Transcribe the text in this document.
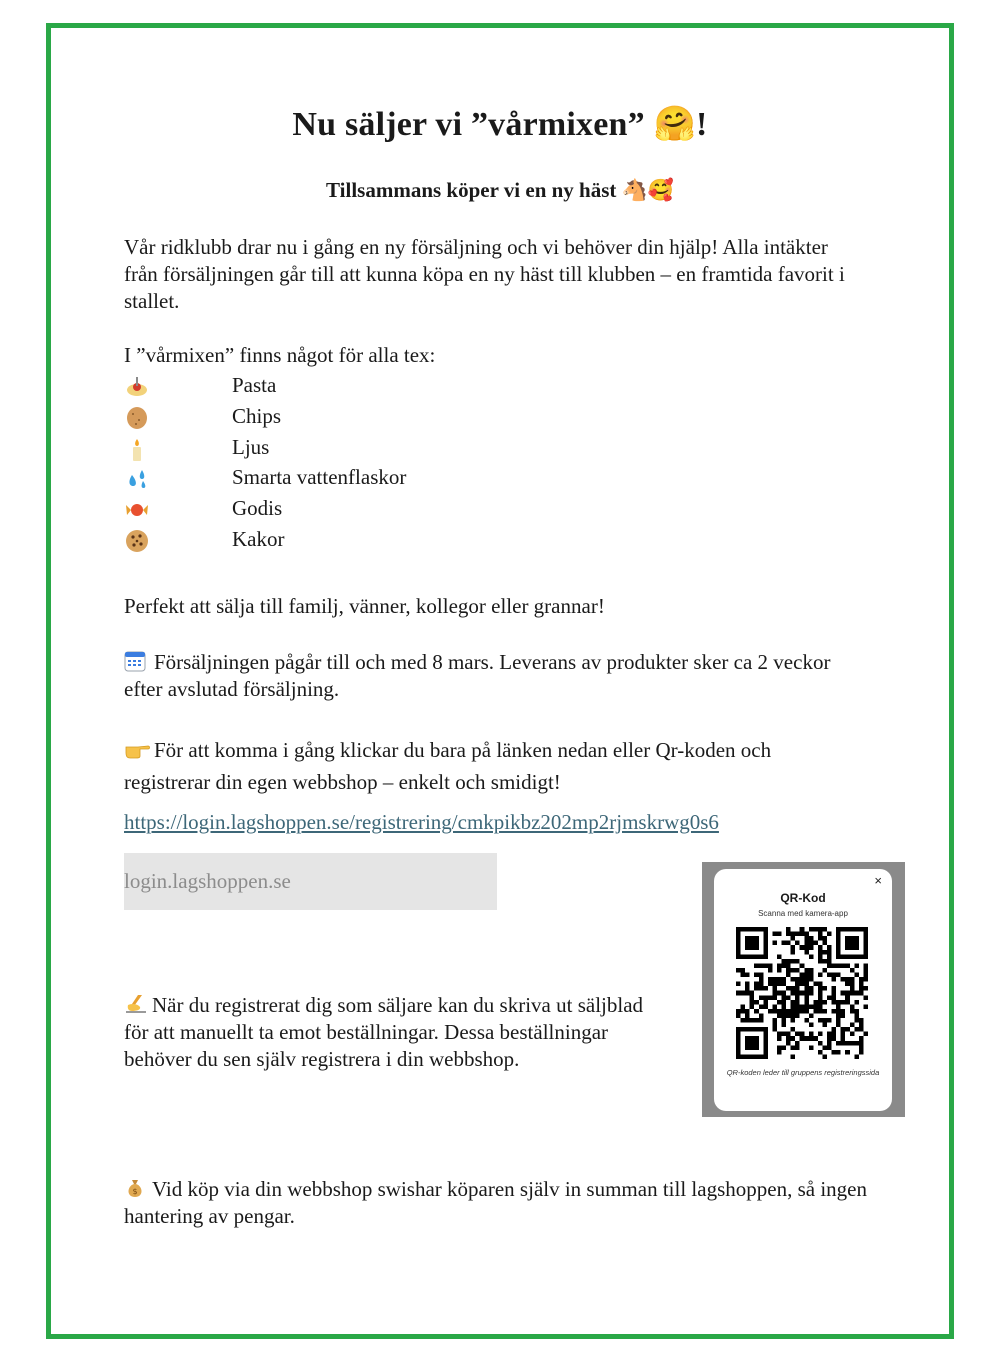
Nu säljer vi ”vårmixen” 🤗!
Tillsammans köper vi en ny häst 🐴🥰

Vår ridklubb drar nu i gång en ny försäljning och vi behöver din hjälp! Alla intäkter från försäljningen går till att kunna köpa en ny häst till klubben – en framtida favorit i stallet.

I ”vårmixen” finns något för alla tex:

Pasta
Chips
Ljus
Smarta vattenflaskor
Godis
Kakor

Perfekt att sälja till familj, vänner, kollegor eller grannar!

Försäljningen pågår till och med 8 mars. Leverans av produkter sker ca 2 veckor efter avslutad försäljning.
För att komma i gång klickar du bara på länken nedan eller Qr-koden och registrerar din egen webbshop – enkelt och smidigt!
https://login.lagshoppen.se/registrering/cmkpikbz202mp2rjmskrwg0s6
login.lagshoppen.se	×
QR-Kod
Scanna med kamera-app
QR-koden leder till gruppens registreringssida
När du registrerat dig som säljare kan du skriva ut säljblad för att manuellt ta emot beställningar. Dessa beställningar behöver du sen själv registrera i din webbshop.
$ Vid köp via din webbshop swishar köparen själv in summan till lagshoppen, så ingen hantering av pengar.
